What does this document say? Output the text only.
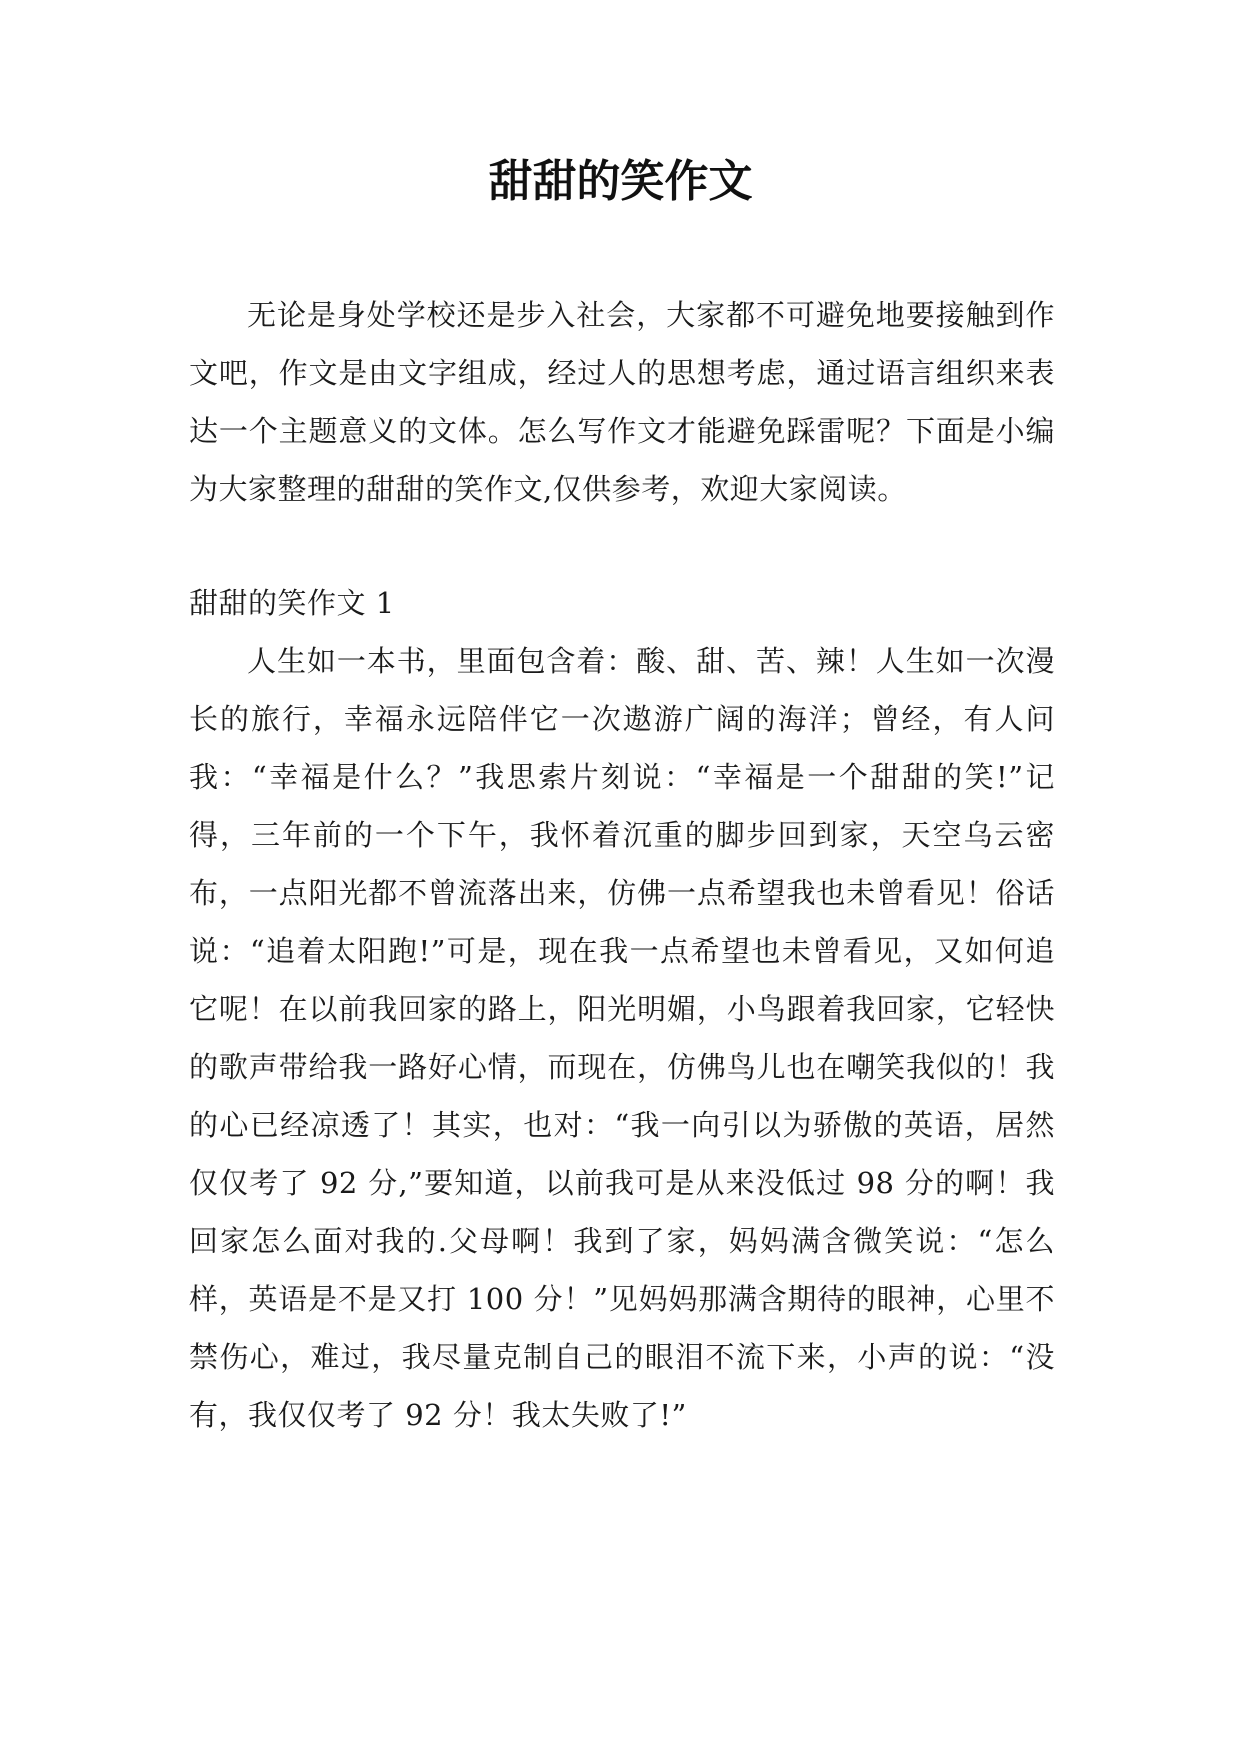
甜甜的笑作文

无论是身处学校还是步入社会，大家都不可避免地要接触到作文吧，作文是由文字组成，经过人的思想考虑，通过语言组织来表达一个主题意义的文体。怎么写作文才能避免踩雷呢？下面是小编为大家整理的甜甜的笑作文,仅供参考，欢迎大家阅读。

甜甜的笑作文 1

人生如一本书，里面包含着：酸、甜、苦、辣！人生如一次漫长的旅行，幸福永远陪伴它一次遨游广阔的海洋；曾经，有人问我：“幸福是什么？”我思索片刻说：“幸福是一个甜甜的笑!”记得，三年前的一个下午，我怀着沉重的脚步回到家，天空乌云密布，一点阳光都不曾流落出来，仿佛一点希望我也未曾看见！俗话说：“追着太阳跑!”可是，现在我一点希望也未曾看见，又如何追它呢！在以前我回家的路上，阳光明媚，小鸟跟着我回家，它轻快的歌声带给我一路好心情，而现在，仿佛鸟儿也在嘲笑我似的！我的心已经凉透了！其实，也对：“我一向引以为骄傲的英语，居然仅仅考了 92 分,”要知道，以前我可是从来没低过 98 分的啊！我回家怎么面对我的.父母啊！我到了家，妈妈满含微笑说：“怎么样，英语是不是又打 100 分！”见妈妈那满含期待的眼神，心里不禁伤心，难过，我尽量克制自己的眼泪不流下来，小声的说：“没有，我仅仅考了 92 分！我太失败了!”
